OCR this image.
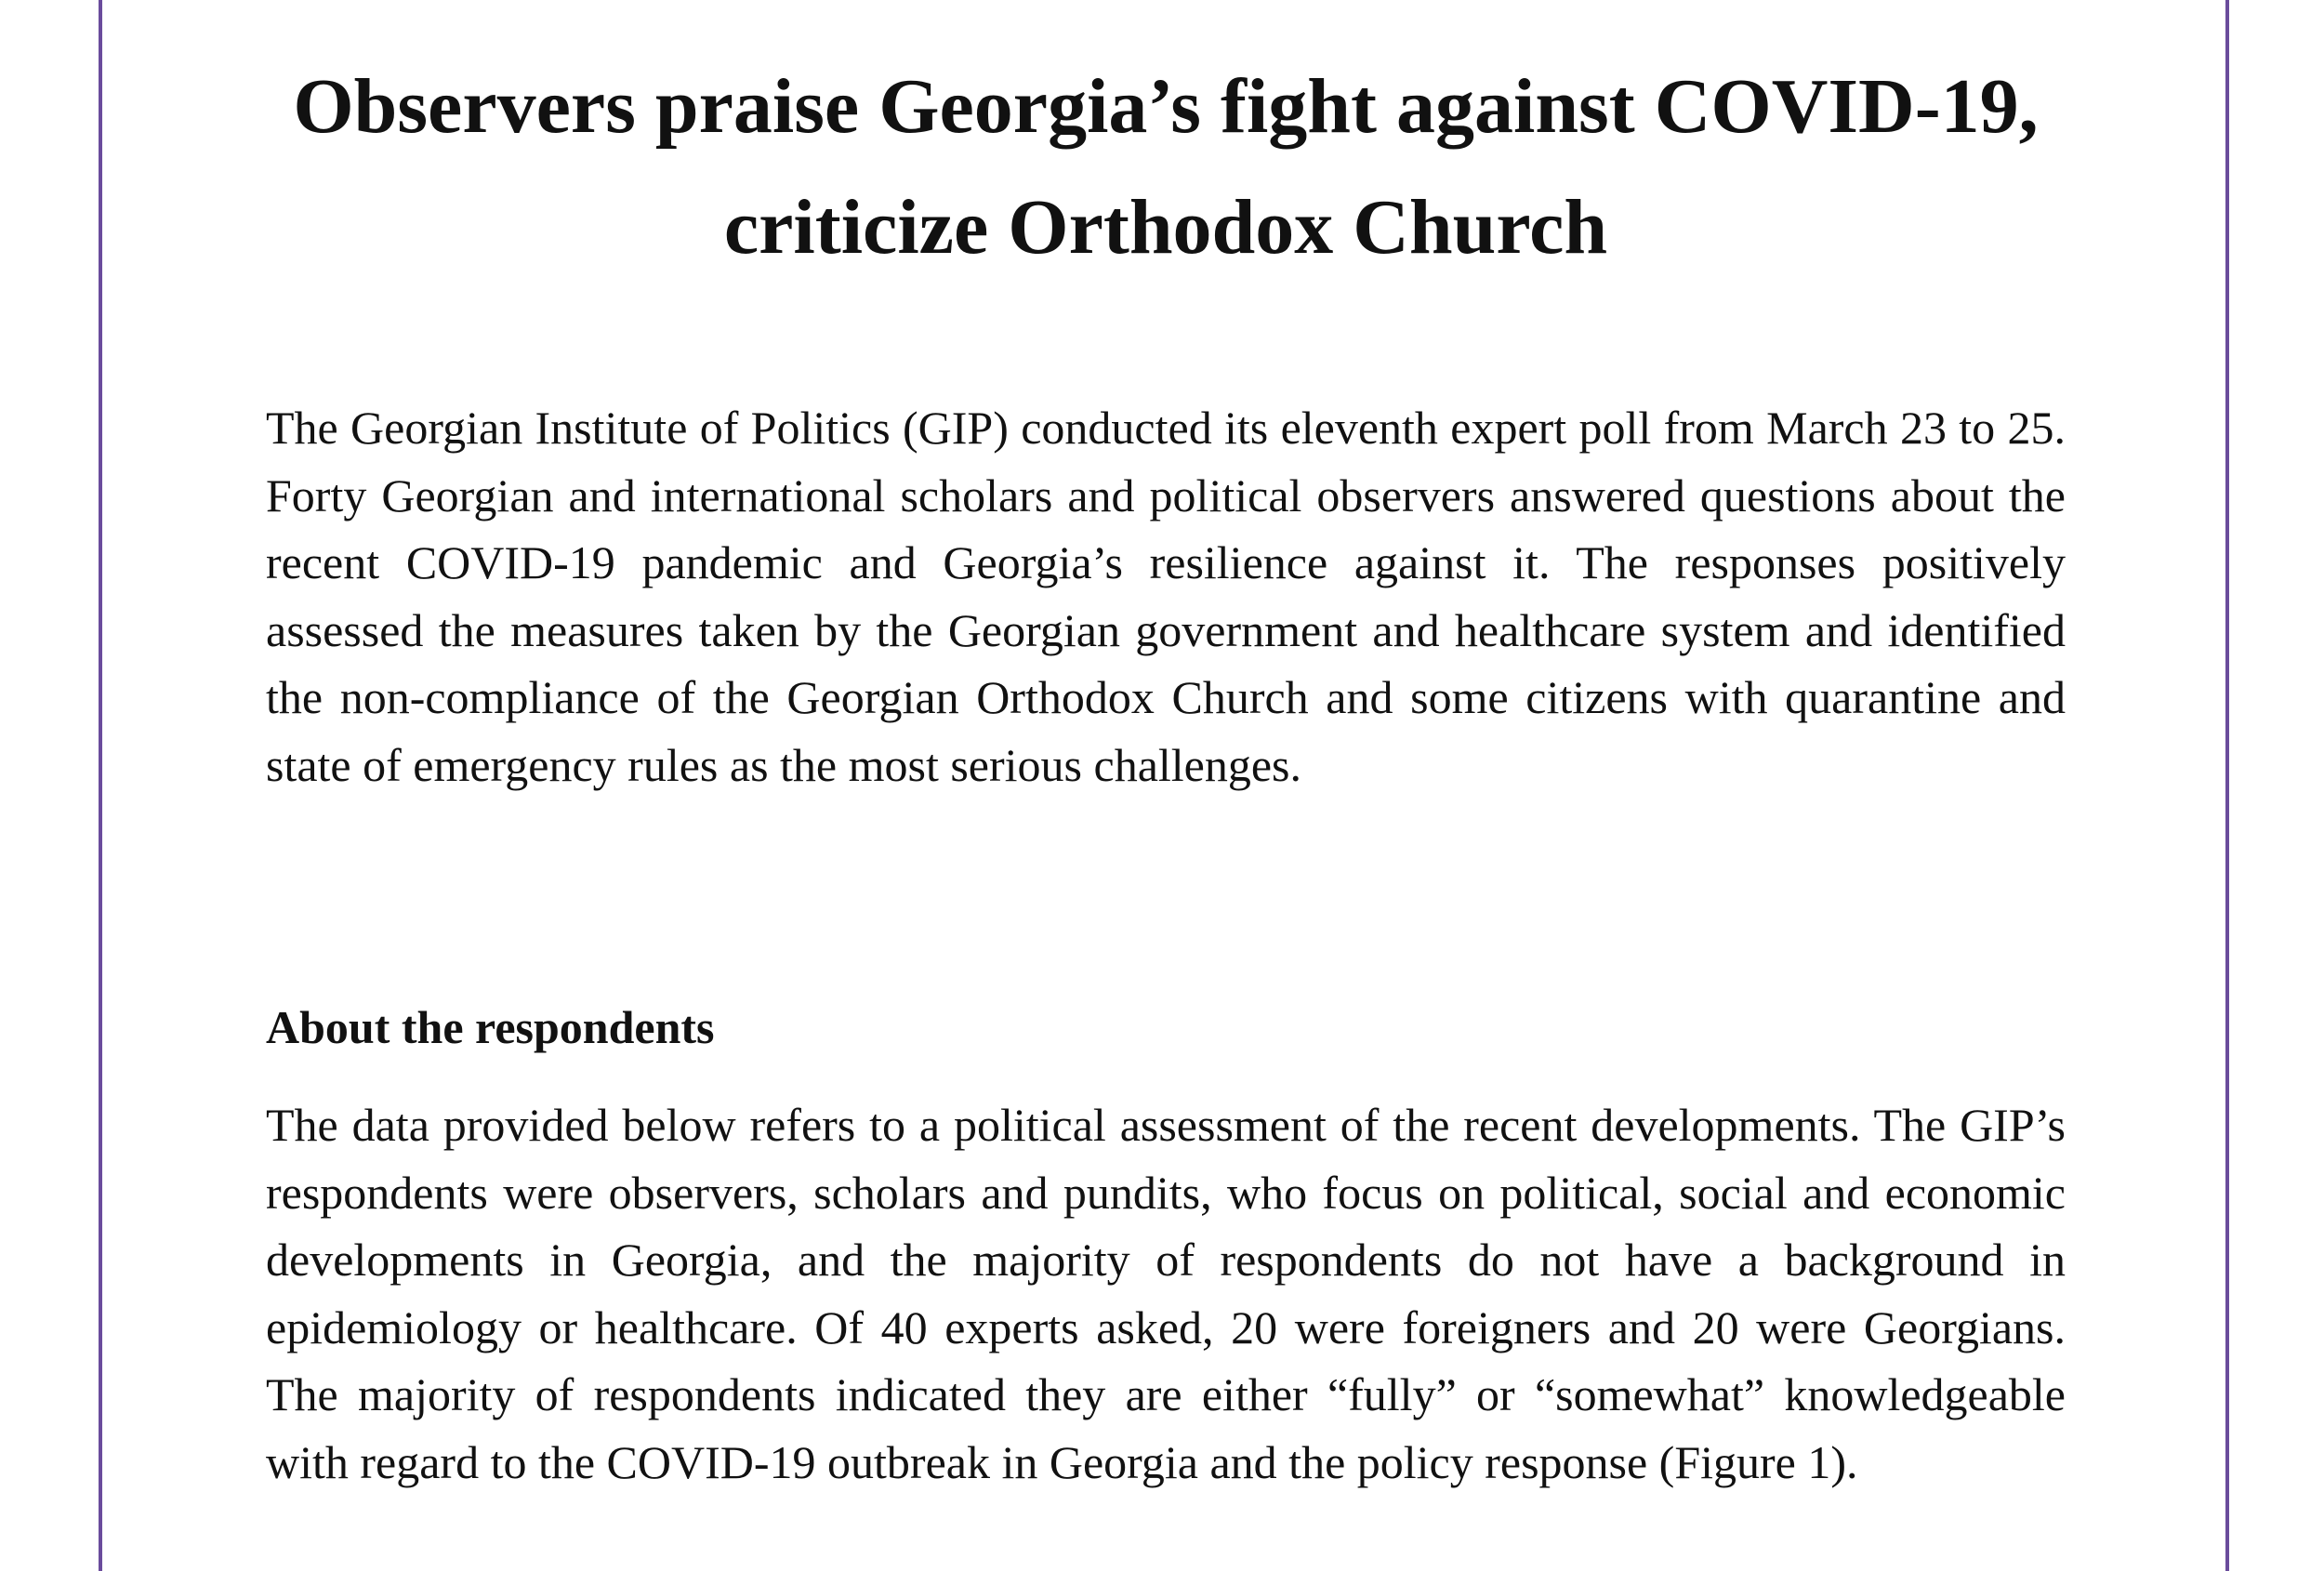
Observers praise Georgia’s fight against COVID-19,
criticize Orthodox Church

The Georgian Institute of Politics (GIP) conducted its eleventh expert poll from March 23 to 25. Forty Georgian and international scholars and political observers answered questions about the recent COVID-19 pandemic and Georgia’s resilience against it. The responses positively assessed the measures taken by the Georgian government and healthcare system and identified the non-compliance of the Georgian Orthodox Church and some citizens with quarantine and state of emergency rules as the most serious challenges.

About the respondents

The data provided below refers to a political assessment of the recent developments. The GIP’s respondents were observers, scholars and pundits, who focus on political, social and economic developments in Georgia, and the majority of respondents do not have a background in epidemiology or healthcare. Of 40 experts asked, 20 were foreigners and 20 were Georgians. The majority of respondents indicated they are either “fully” or “somewhat” knowledgeable with regard to the COVID-19 outbreak in Georgia and the policy response (Figure 1).
